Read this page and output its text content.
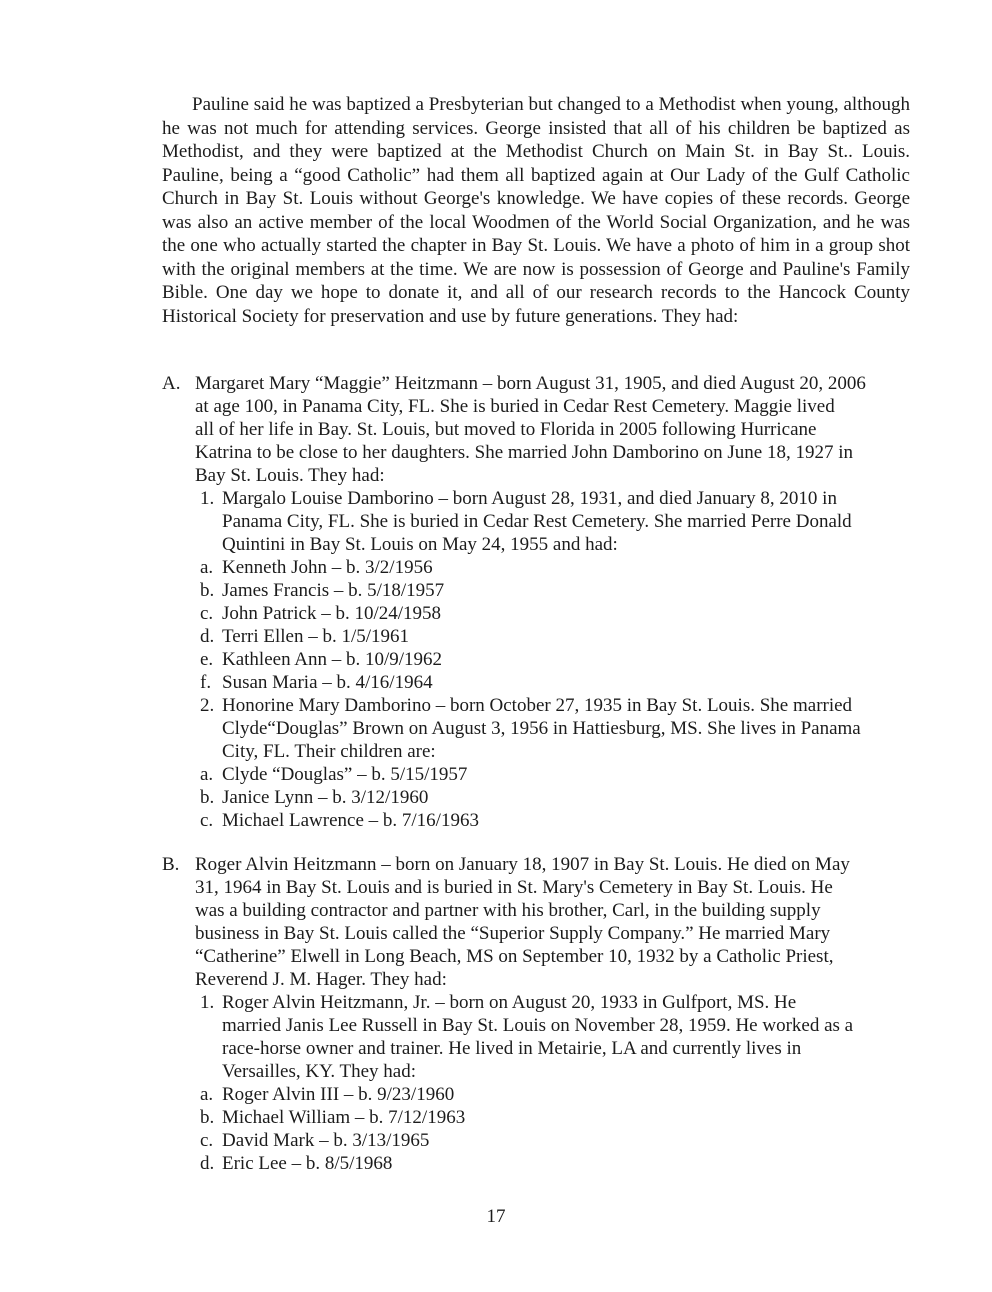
Pauline said he was baptized a Presbyterian but changed to a Methodist when young, although he was not much for attending services. George insisted that all of his children be baptized as Methodist, and they were baptized at the Methodist Church on Main St. in Bay St.. Louis. Pauline, being a “good Catholic” had them all baptized again at Our Lady of the Gulf Catholic Church in Bay St. Louis without George's knowledge. We have copies of these records. George was also an active member of the local Woodmen of the World Social Organization, and he was the one who actually started the chapter in Bay St. Louis. We have a photo of him in a group shot with the original members at the time. We are now is possession of George and Pauline's Family Bible. One day we hope to donate it, and all of our research records to the Hancock County Historical Society for preservation and use by future generations. They had:

A. Margaret Mary “Maggie” Heitzmann – born August 31, 1905, and died August 20, 2006
at age 100, in Panama City, FL. She is buried in Cedar Rest Cemetery. Maggie lived
all of her life in Bay. St. Louis, but moved to Florida in 2005 following Hurricane
Katrina to be close to her daughters. She married John Damborino on June 18, 1927 in
Bay St. Louis. They had:
1. Margalo Louise Damborino – born August 28, 1931, and died January 8, 2010 in
Panama City, FL. She is buried in Cedar Rest Cemetery. She married Perre Donald
Quintini in Bay St. Louis on May 24, 1955 and had:
a. Kenneth John – b. 3/2/1956
b. James Francis – b. 5/18/1957
c. John Patrick – b. 10/24/1958
d. Terri Ellen – b. 1/5/1961
e. Kathleen Ann – b. 10/9/1962
f. Susan Maria – b. 4/16/1964
2. Honorine Mary Damborino – born October 27, 1935 in Bay St. Louis. She married
Clyde“Douglas” Brown on August 3, 1956 in Hattiesburg, MS. She lives in Panama
City, FL. Their children are:
a. Clyde “Douglas” – b. 5/15/1957
b. Janice Lynn – b. 3/12/1960
c. Michael Lawrence – b. 7/16/1963
B. Roger Alvin Heitzmann – born on January 18, 1907 in Bay St. Louis. He died on May
31, 1964 in Bay St. Louis and is buried in St. Mary's Cemetery in Bay St. Louis. He
was a building contractor and partner with his brother, Carl, in the building supply
business in Bay St. Louis called the “Superior Supply Company.” He married Mary
“Catherine” Elwell in Long Beach, MS on September 10, 1932 by a Catholic Priest,
Reverend J. M. Hager. They had:
1. Roger Alvin Heitzmann, Jr. – born on August 20, 1933 in Gulfport, MS. He
married Janis Lee Russell in Bay St. Louis on November 28, 1959. He worked as a
race-horse owner and trainer. He lived in Metairie, LA and currently lives in
Versailles, KY. They had:
a. Roger Alvin III – b. 9/23/1960
b. Michael William – b. 7/12/1963
c. David Mark – b. 3/13/1965
d. Eric Lee – b. 8/5/1968
17
